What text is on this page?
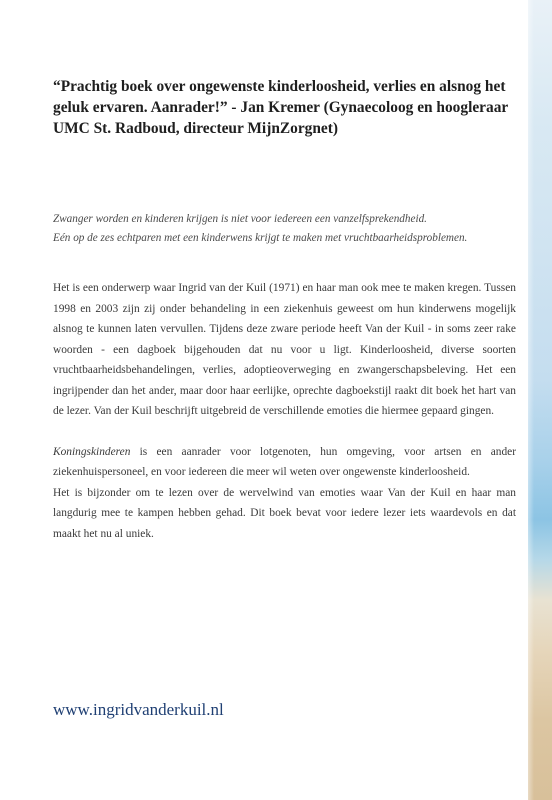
“Prachtig boek over ongewenste kinderloosheid, verlies en alsnog het geluk ervaren. Aanrader!” - Jan Kremer (Gynaecoloog en hoogleraar UMC St. Radboud, directeur MijnZorgnet)

Zwanger worden en kinderen krijgen is niet voor iedereen een vanzelfsprekendheid.

Eén op de zes echtparen met een kinderwens krijgt te maken met vruchtbaarheidsproblemen.

Het is een onderwerp waar Ingrid van der Kuil (1971) en haar man ook mee te maken kregen. Tussen 1998 en 2003 zijn zij onder behandeling in een ziekenhuis geweest om hun kinderwens mogelijk alsnog te kunnen laten vervullen. Tijdens deze zware periode heeft Van der Kuil - in soms zeer rake woorden - een dagboek bijgehouden dat nu voor u ligt. Kinderloosheid, diverse soorten vruchtbaarheidsbehandelingen, verlies, adoptieoverweging en zwangerschapsbeleving. Het een ingrijpender dan het ander, maar door haar eerlijke, oprechte dagboekstijl raakt dit boek het hart van de lezer. Van der Kuil beschrijft uitgebreid de verschillende emoties die hiermee gepaard gingen.

Koningskinderen is een aanrader voor lotgenoten, hun omgeving, voor artsen en ander ziekenhuispersoneel, en voor iedereen die meer wil weten over ongewenste kinderloosheid.

Het is bijzonder om te lezen over de wervelwind van emoties waar Van der Kuil en haar man langdurig mee te kampen hebben gehad. Dit boek bevat voor iedere lezer iets waardevols en dat maakt het nu al uniek.

www.ingridvanderkuil.nl
